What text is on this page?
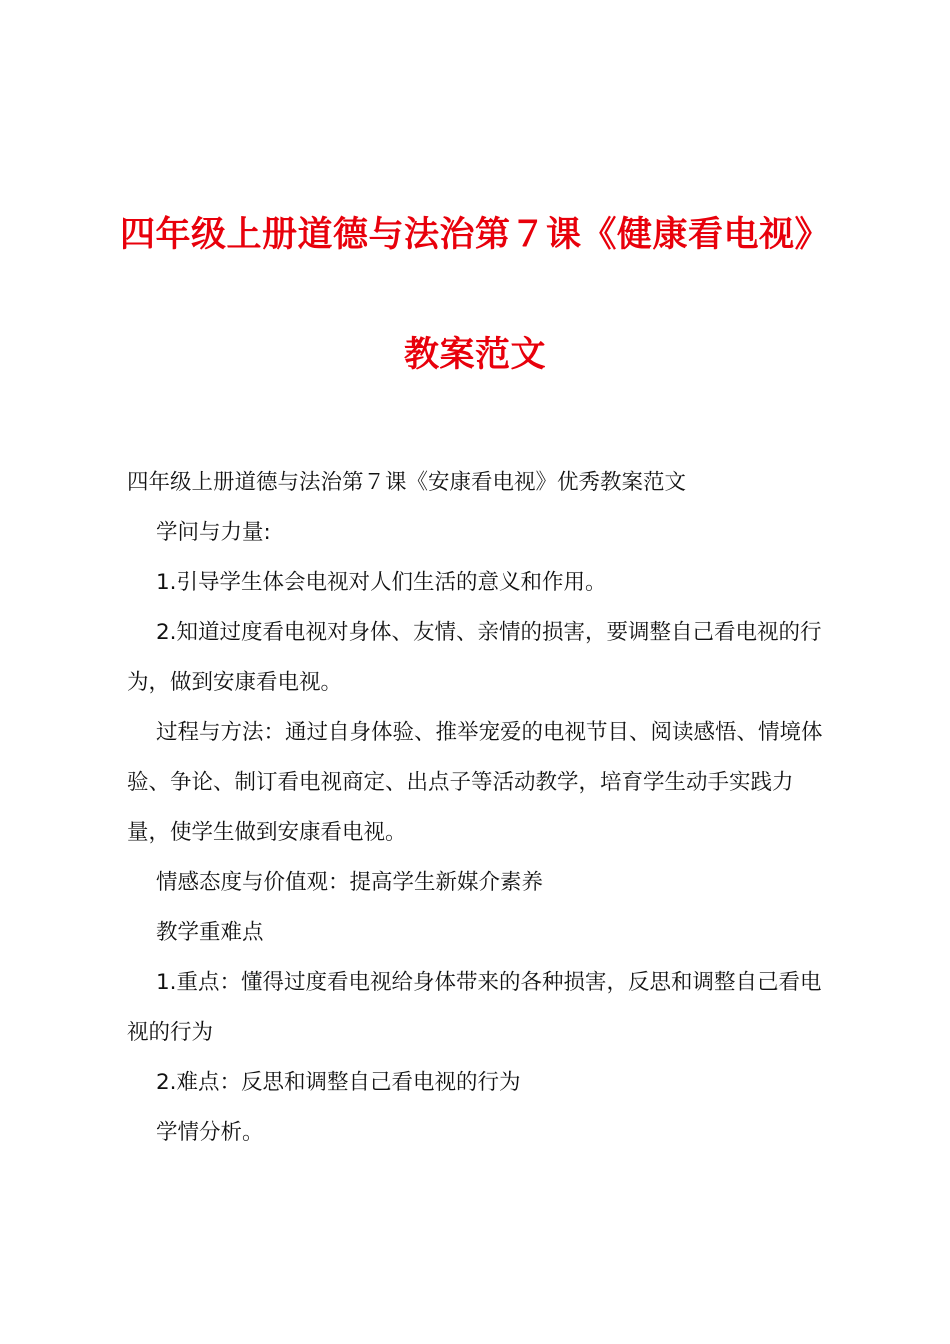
四年级上册道德与法治第７课《健康看电视》
教案范文

四年级上册道德与法治第７课《安康看电视》优秀教案范文

学问与力量:

1.引导学生体会电视对人们生活的意义和作用。

2.知道过度看电视对身体、友情、亲情的损害，要调整自己看电视的行为，做到安康看电视。

过程与方法：通过自身体验、推举宠爱的电视节目、阅读感悟、情境体验、争论、制订看电视商定、出点子等活动教学，培育学生动手实践力量，使学生做到安康看电视。

情感态度与价值观：提高学生新媒介素养

教学重难点

1.重点：懂得过度看电视给身体带来的各种损害，反思和调整自己看电视的行为

2.难点：反思和调整自己看电视的行为

学情分析。
